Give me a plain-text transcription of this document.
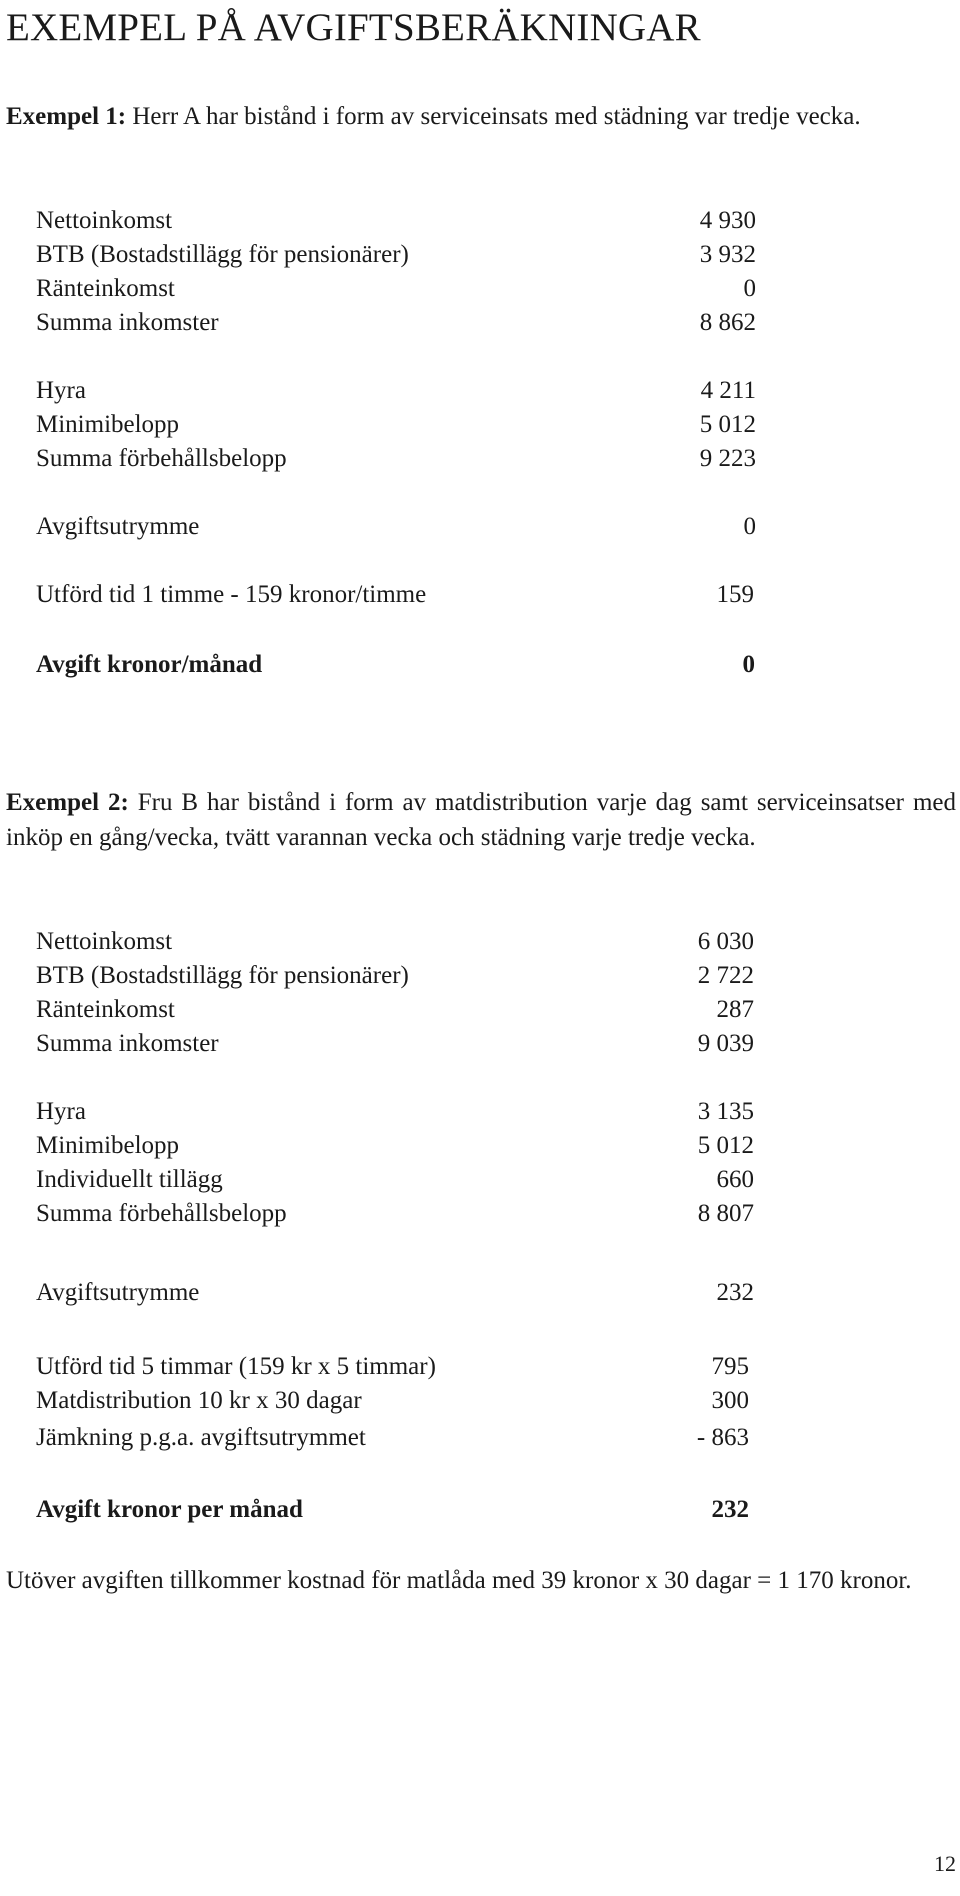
EXEMPEL PÅ AVGIFTSBERÄKNINGAR

Exempel 1: Herr A har bistånd i form av serviceinsats med städning var tredje vecka.

Nettoinkomst	4 930
BTB (Bostadstillägg för pensionärer)	3 932
Ränteinkomst	0
Summa inkomster	8 862
Hyra	4 211
Minimibelopp	5 012
Summa förbehållsbelopp	9 223
Avgiftsutrymme	0
Utförd tid 1 timme - 159 kronor/timme	159
Avgift kronor/månad	0

Exempel 2: Fru B har bistånd i form av matdistribution varje dag samt serviceinsatser med inköp en gång/vecka, tvätt varannan vecka och städning varje tredje vecka.

Nettoinkomst	6 030
BTB (Bostadstillägg för pensionärer)	2 722
Ränteinkomst	287
Summa inkomster	9 039
Hyra	3 135
Minimibelopp	5 012
Individuellt tillägg	660
Summa förbehållsbelopp	8 807
Avgiftsutrymme	232
Utförd tid 5 timmar (159 kr x 5 timmar)	795
Matdistribution 10 kr x 30 dagar	300
Jämkning p.g.a. avgiftsutrymmet	- 863
Avgift kronor per månad	232

Utöver avgiften tillkommer kostnad för matlåda med 39 kronor x 30 dagar = 1 170 kronor.

12
